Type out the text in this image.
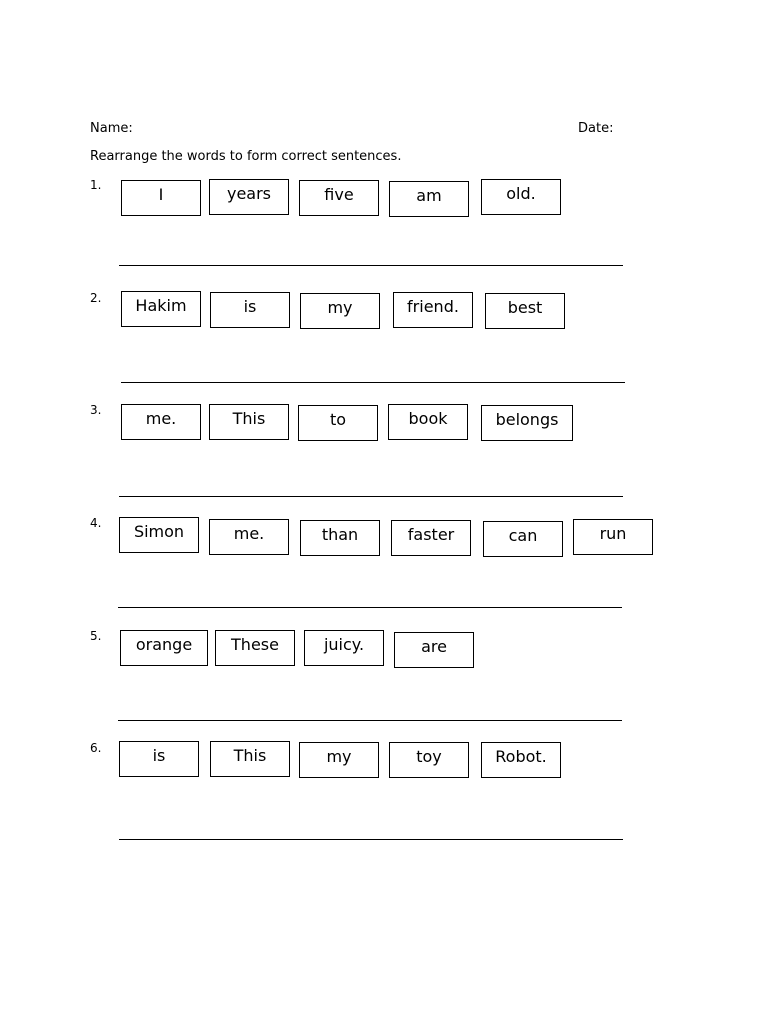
Name:	Date:
Rearrange the words to form correct sentences.
1.	I	years	five	am	old.
2.	Hakim	is	my	friend.	best
3.	me.	This	to	book	belongs
4.	Simon	me.	than	faster	can	run
5.	orange	These	juicy.	are
6.	is	This	my	toy	Robot.
